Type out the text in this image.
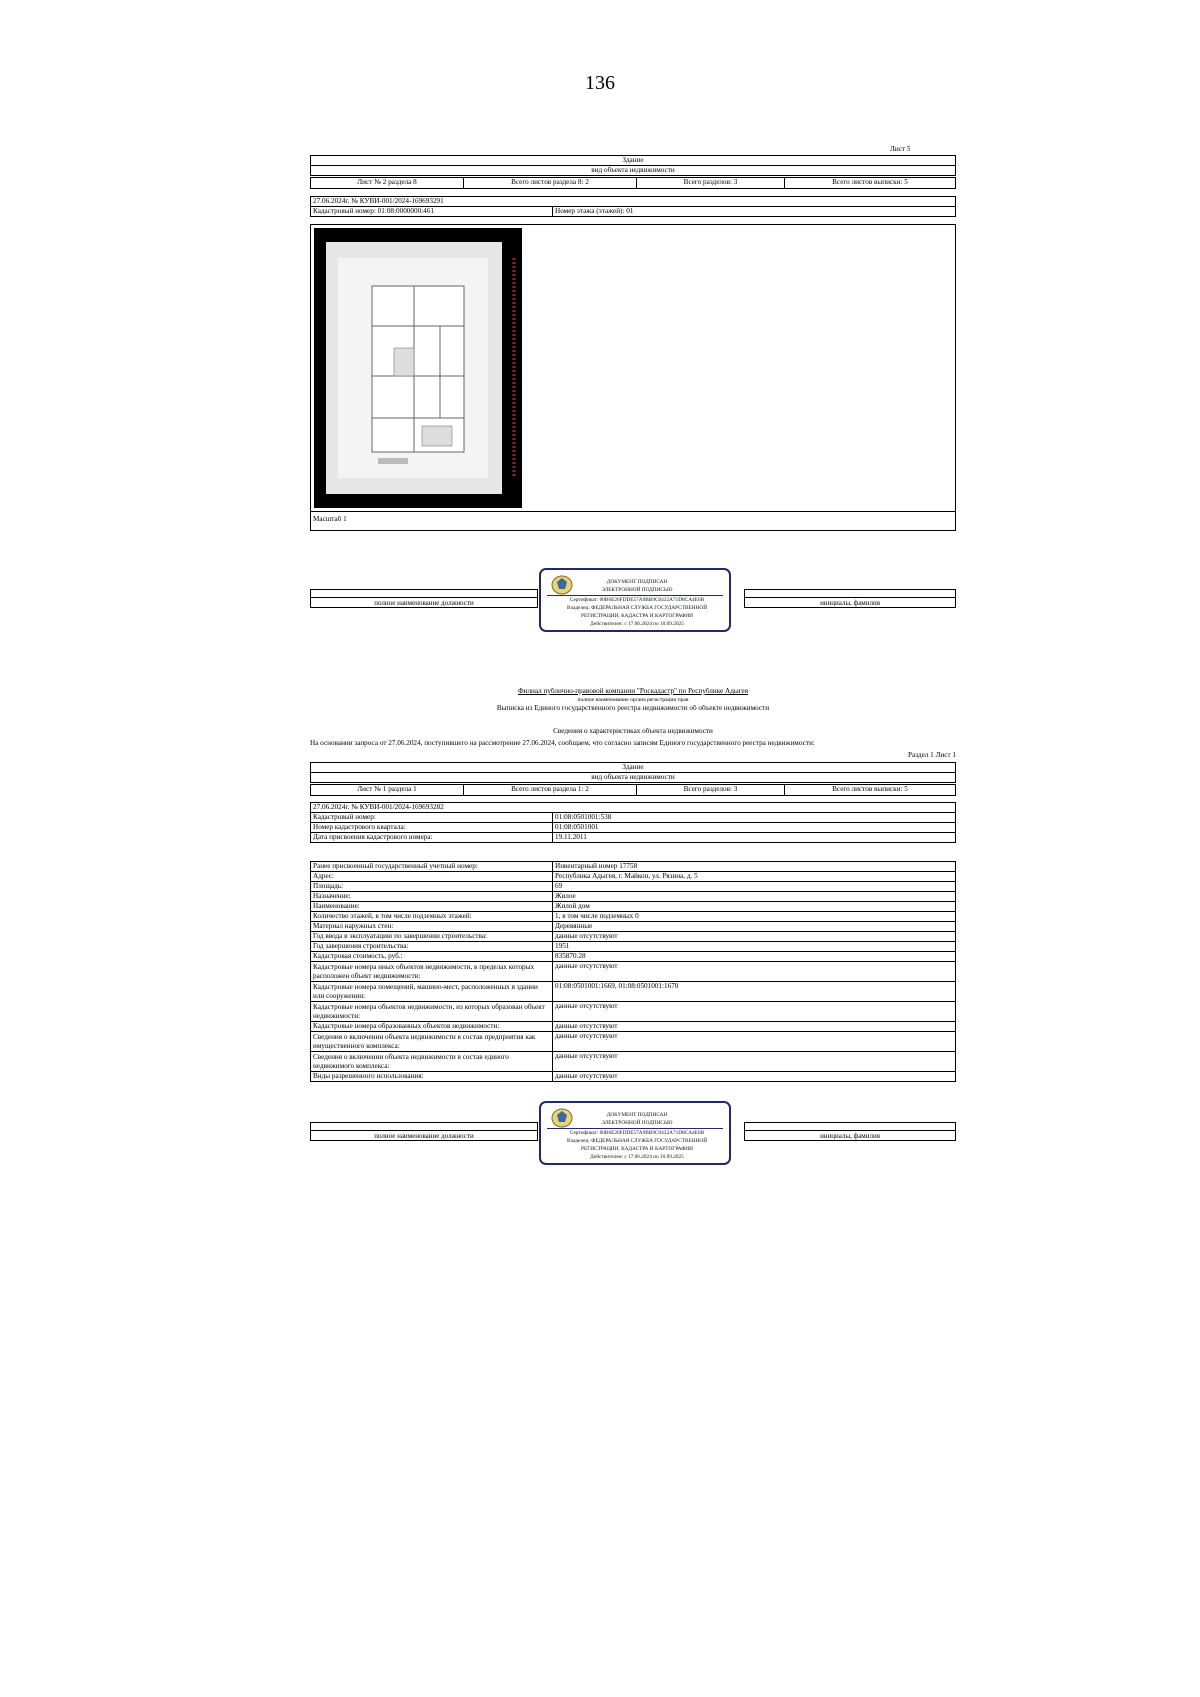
136
Лист 5
Здание
вид объекта недвижимости
Лист № 2 раздела 8	Всего листов раздела 8: 2	Всего разделов: 3	Всего листов выписки: 5
27.06.2024г. № КУВИ-001/2024-169693291
Кадастровый номер: 01:08:0000000:461	Номер этажа (этажей): 01
Масштаб 1
полное наименование должности	инициалы, фамилия
ДОКУМЕНТ ПОДПИСАН
ЭЛЕКТРОННОЙ ПОДПИСЬЮ
Сертификат: 00B6E26FDDE57A9BB9C0432A71D8CA4E6B
Владелец: ФЕДЕРАЛЬНАЯ СЛУЖБА ГОСУДАРСТВЕННОЙ
РЕГИСТРАЦИИ, КАДАСТРА И КАРТОГРАФИИ
Действителен: с 17.06.2024 по 10.09.2025
Филиал публично-правовой компании "Роскадастр" по Республике Адыгея
полное наименование органа регистрации прав
Выписка из Единого государственного реестра недвижимости об объекте недвижимости
Сведения о характеристиках объекта недвижимости
На основании запроса от 27.06.2024, поступившего на рассмотрение 27.06.2024, сообщаем, что согласно записям Единого государственного реестра недвижимости:
Раздел 1 Лист 1
Здание
вид объекта недвижимости
Лист № 1 раздела 1	Всего листов раздела 1: 2	Всего разделов: 3	Всего листов выписки: 5
27.06.2024г. № КУВИ-001/2024-169693282
Кадастровый номер:	01:08:0501001:538
Номер кадастрового квартала:	01:08:0501001
Дата присвоения кадастрового номера:	19.11.2011
Ранее присвоенный государственный учетный номер:	Инвентарный номер 17758
Адрес:	Республика Адыгея, г. Майкоп, ул. Рязина, д. 5
Площадь:	69
Назначение:	Жилое
Наименование:	Жилой дом
Количество этажей, в том числе подземных этажей:	1, в том числе подземных 0
Материал наружных стен:	Деревянные
Год ввода в эксплуатацию по завершении строительства:	данные отсутствуют
Год завершения строительства:	1951
Кадастровая стоимость, руб.:	835870.28
Кадастровые номера иных объектов недвижимости, в пределах которых расположен объект недвижимости:
данные отсутствуют
Кадастровые номера помещений, машино-мест, расположенных в здании или сооружении:
01:08:0501001:1669, 01:08:0501001:1670
Кадастровые номера объектов недвижимости, из которых образован объект недвижимости:
данные отсутствуют
Кадастровые номера образованных объектов недвижимости:	данные отсутствуют
Сведения о включении объекта недвижимости в состав предприятия как имущественного комплекса:
данные отсутствуют
Сведения о включении объекта недвижимости в состав единого недвижимого комплекса:
данные отсутствуют
Виды разрешенного использования:	данные отсутствуют
полное наименование должности	инициалы, фамилия
ДОКУМЕНТ ПОДПИСАН
ЭЛЕКТРОННОЙ ПОДПИСЬЮ
Сертификат: 00B6E26FDDE57A9BB9C0432A71D8CA4E6B
Владелец: ФЕДЕРАЛЬНАЯ СЛУЖБА ГОСУДАРСТВЕННОЙ
РЕГИСТРАЦИИ, КАДАСТРА И КАРТОГРАФИИ
Действителен: с 17.06.2024 по 10.09.2025
